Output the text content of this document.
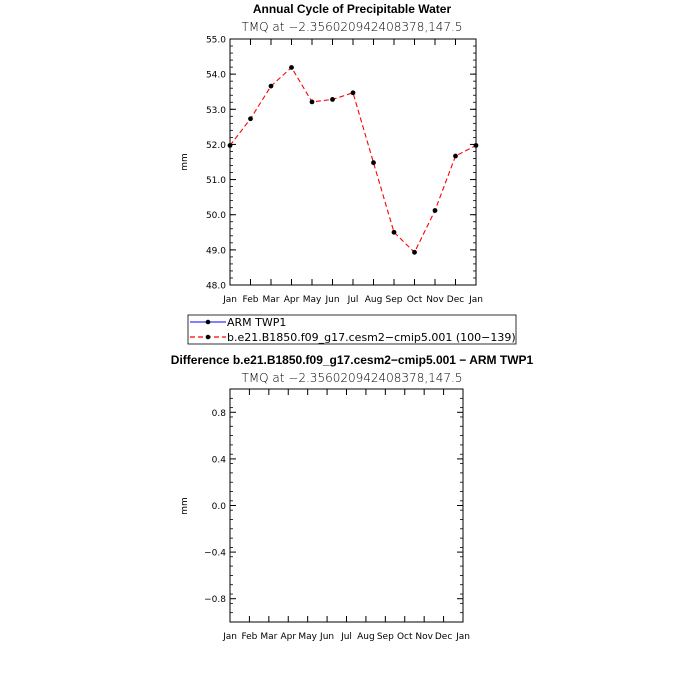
Annual Cycle of Precipitable Water
TMQ at −2.356020942408378,147.5
mm
Jan Feb Mar Apr May Jun Jul Aug Sep Oct Nov Dec Jan
48.0
49.0
50.0
51.0
52.0
53.0
54.0
55.0
ARM TWP1
b.e21.B1850.f09_g17.cesm2−cmip5.001 (100−139)
Difference b.e21.B1850.f09_g17.cesm2−cmip5.001 − ARM TWP1
TMQ at −2.356020942408378,147.5
mm
Jan Feb Mar Apr May Jun Jul Aug Sep Oct Nov Dec Jan
−0.8
−0.4
0.0
0.4
0.8
